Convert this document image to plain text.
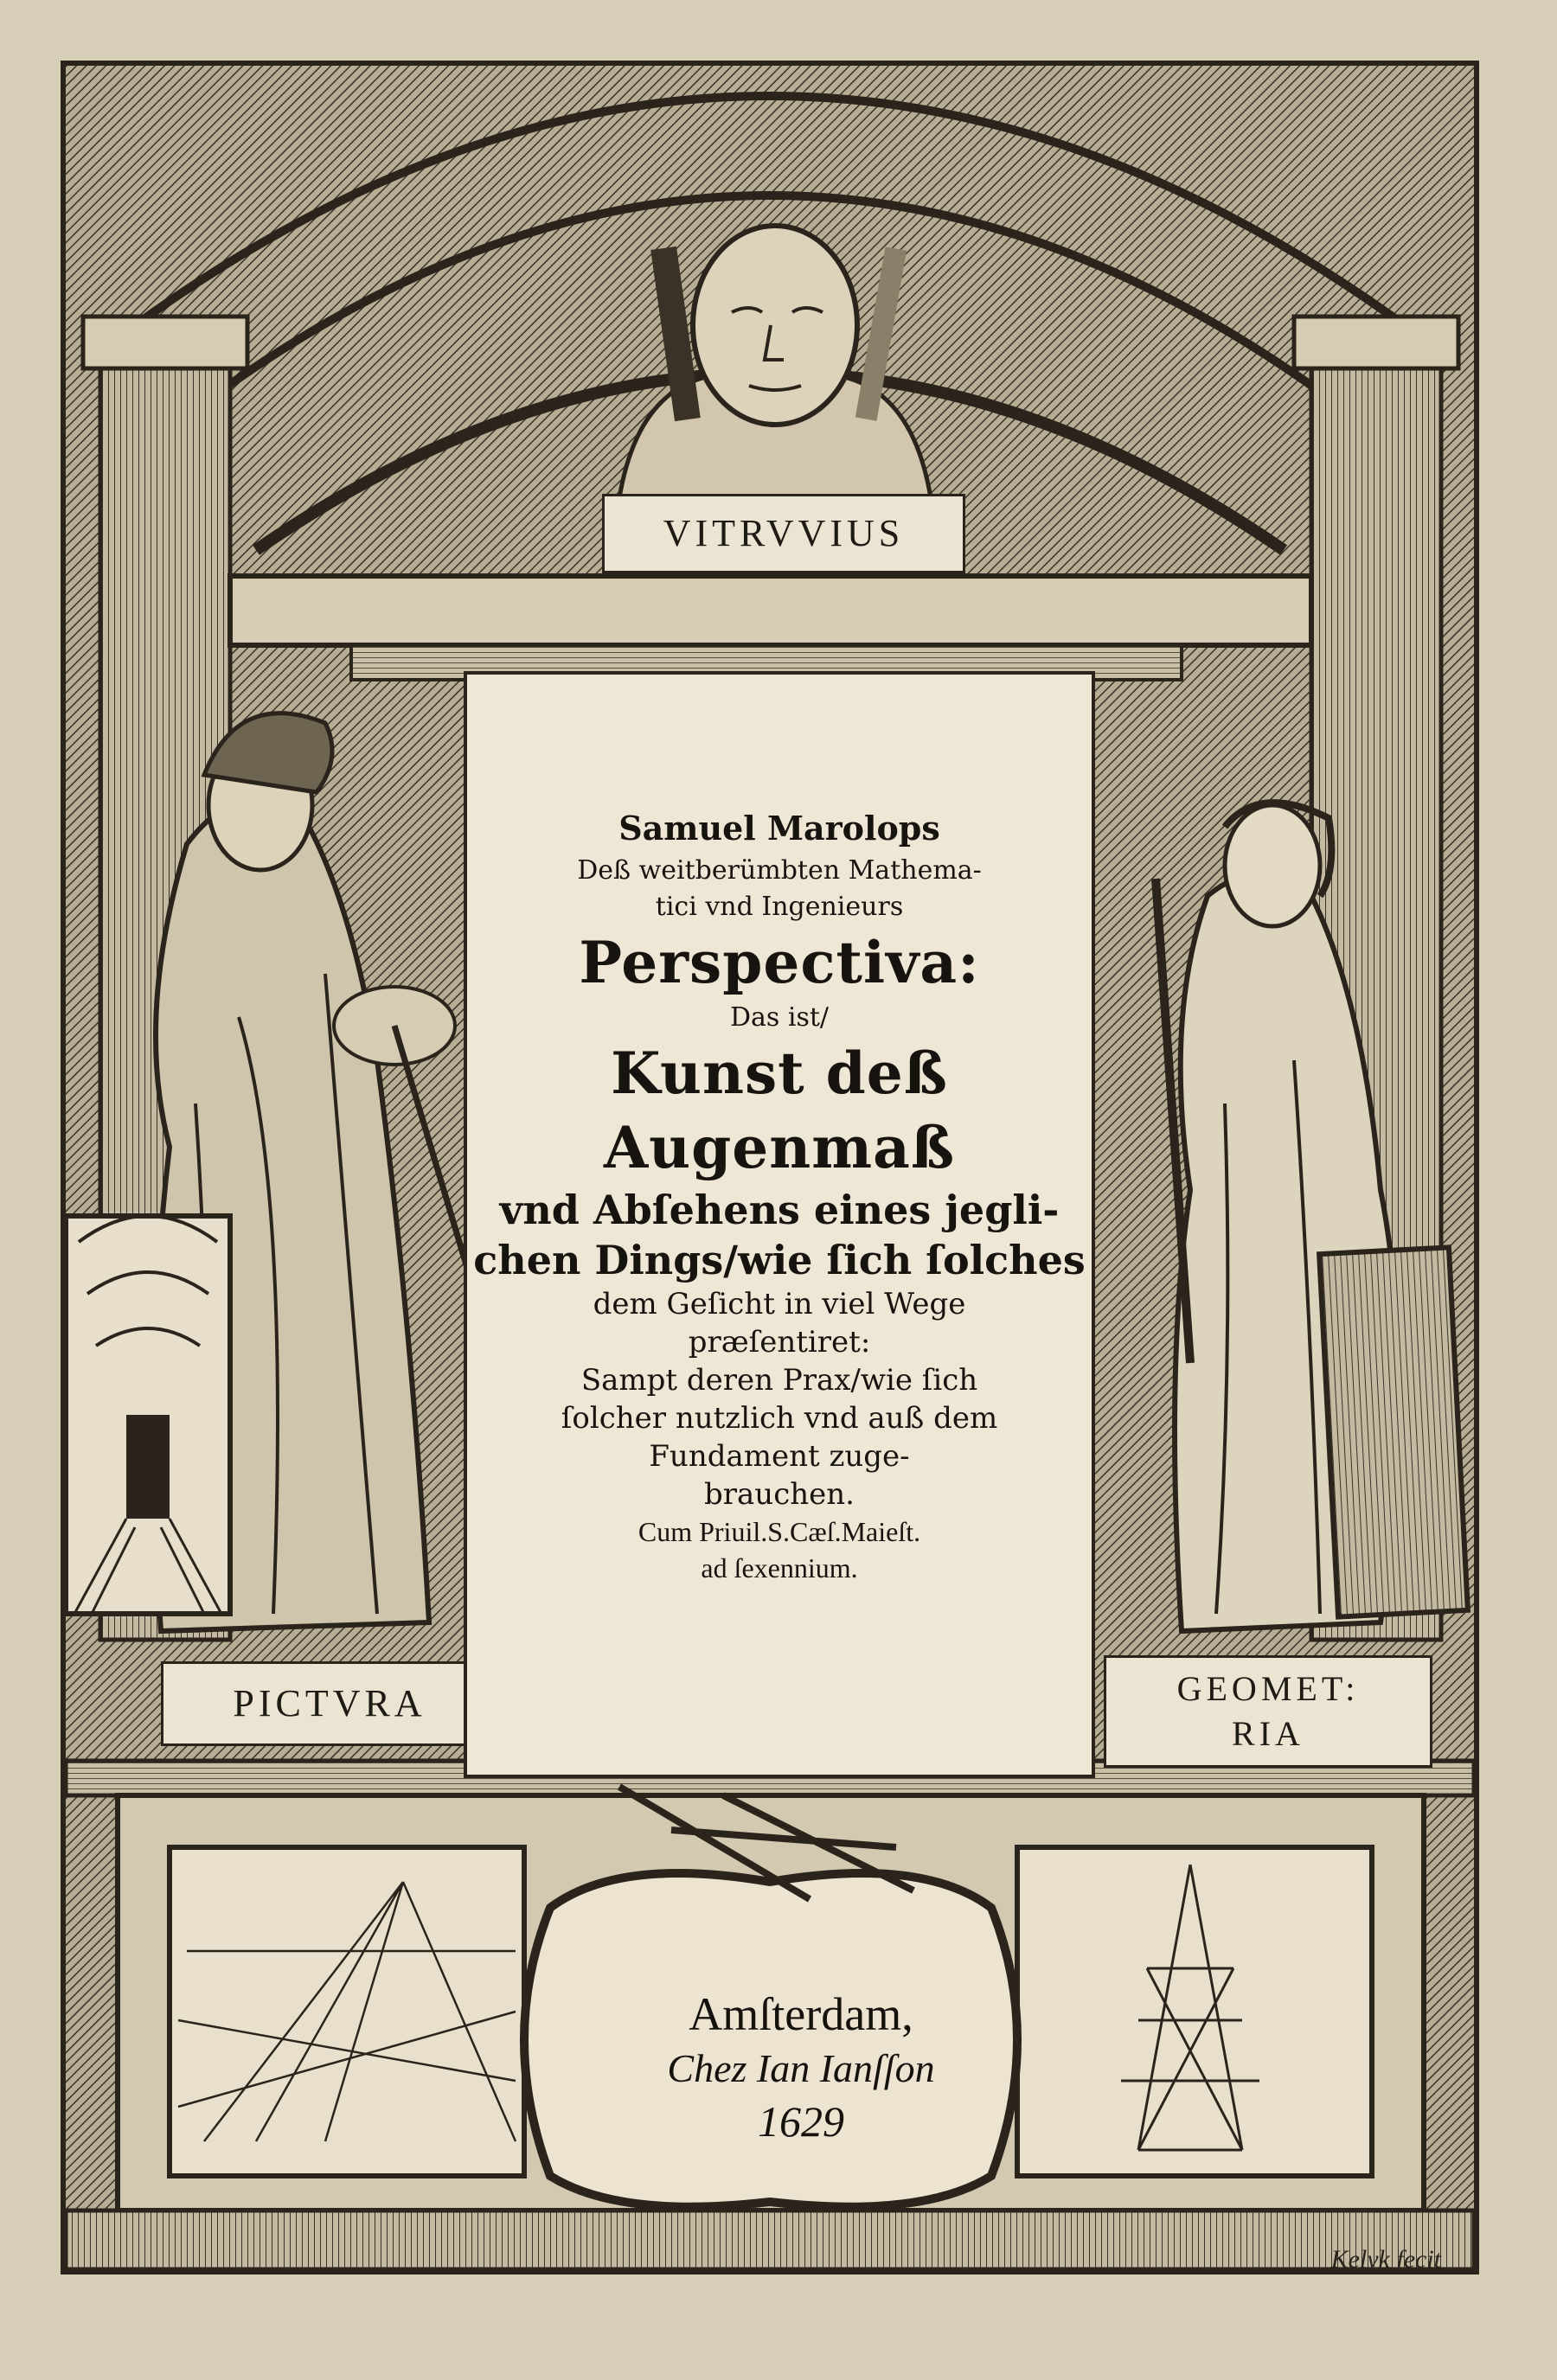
VITRVVIUS
PICTVRA	GEOMET:
RIA
Samuel Marolops
Deß weitberümbten Mathema-
tici vnd Ingenieurs
Perspectiva:
Das ist/
Kunst deß Augenmaß
vnd Abſehens eines jegli-
chen Dings/wie ſich ſolches
dem Geſicht in viel Wege
præſentiret:
Sampt deren Prax/wie ſich
ſolcher nutzlich vnd auß dem
Fundament zuge-
brauchen.
Cum Priuil.S.Cæſ.Maieſt.
ad ſexennium.
Amſterdam,
Chez Ian Ianſſon
1629
Kelyk fecit
